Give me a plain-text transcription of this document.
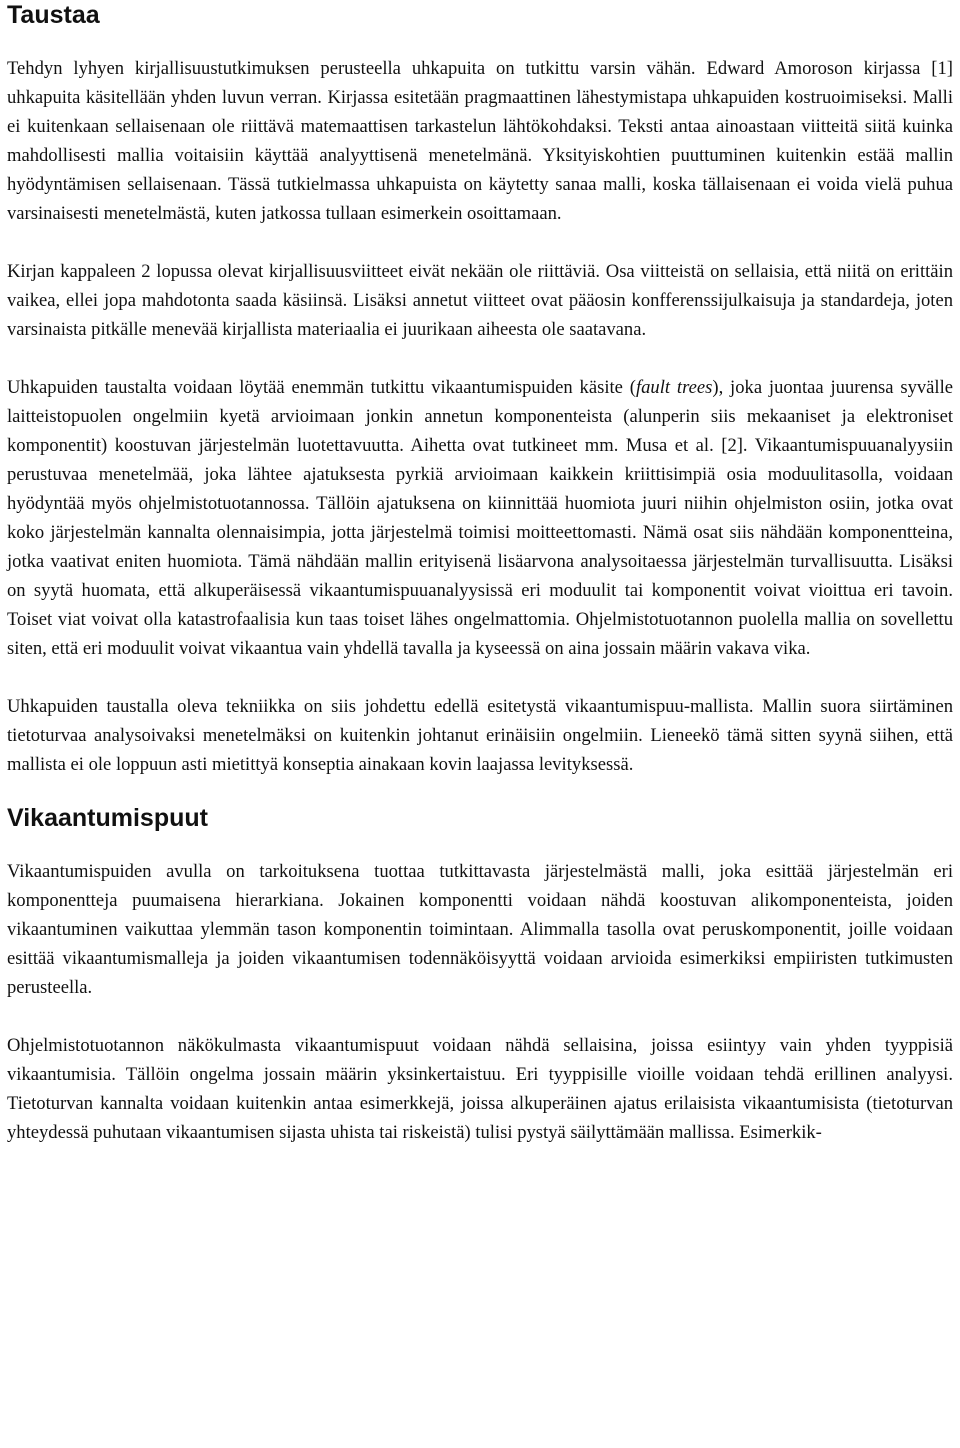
Taustaa

Tehdyn lyhyen kirjallisuustutkimuksen perusteella uhkapuita on tutkittu varsin vähän. Edward Amoroson kirjassa [1] uhkapuita käsitellään yhden luvun verran. Kirjassa esitetään pragmaattinen lähestymistapa uhkapuiden kostruoimiseksi. Malli ei kuitenkaan sellaisenaan ole riittävä matemaattisen tarkastelun lähtökohdaksi. Teksti antaa ainoastaan viitteitä siitä kuinka mahdollisesti mallia voitaisiin käyttää analyyttisenä menetelmänä. Yksityiskohtien puuttuminen kuitenkin estää mallin hyödyntämisen sellaisenaan. Tässä tutkielmassa uhkapuista on käytetty sanaa malli, koska tällaisenaan ei voida vielä puhua varsinaisesti menetelmästä, kuten jatkossa tullaan esimerkein osoittamaan.

Kirjan kappaleen 2 lopussa olevat kirjallisuusviitteet eivät nekään ole riittäviä. Osa viitteistä on sellaisia, että niitä on erittäin vaikea, ellei jopa mahdotonta saada käsiinsä. Lisäksi annetut viitteet ovat pääosin konfferenssijulkaisuja ja standardeja, joten varsinaista pitkälle menevää kirjallista materiaalia ei juurikaan aiheesta ole saatavana.

Uhkapuiden taustalta voidaan löytää enemmän tutkittu vikaantumispuiden käsite (fault trees), joka juontaa juurensa syvälle laitteistopuolen ongelmiin kyetä arvioimaan jonkin annetun komponenteista (alunperin siis mekaaniset ja elektroniset komponentit) koostuvan järjestelmän luotettavuutta. Aihetta ovat tutkineet mm. Musa et al. [2]. Vikaantumispuuanalyysiin perustuvaa menetelmää, joka lähtee ajatuksesta pyrkiä arvioimaan kaikkein kriittisimpiä osia moduulitasolla, voidaan hyödyntää myös ohjelmistotuotannossa. Tällöin ajatuksena on kiinnittää huomiota juuri niihin ohjelmiston osiin, jotka ovat koko järjestelmän kannalta olennaisimpia, jotta järjestelmä toimisi moitteettomasti. Nämä osat siis nähdään komponentteina, jotka vaativat eniten huomiota. Tämä nähdään mallin erityisenä lisäarvona analysoitaessa järjestelmän turvallisuutta. Lisäksi on syytä huomata, että alkuperäisessä vikaantumispuuanalyysissä eri moduulit tai komponentit voivat vioittua eri tavoin. Toiset viat voivat olla katastrofaalisia kun taas toiset lähes ongelmattomia. Ohjelmistotuotannon puolella mallia on sovellettu siten, että eri moduulit voivat vikaantua vain yhdellä tavalla ja kyseessä on aina jossain määrin vakava vika.

Uhkapuiden taustalla oleva tekniikka on siis johdettu edellä esitetystä vikaantumispuu-mallista. Mallin suora siirtäminen tietoturvaa analysoivaksi menetelmäksi on kuitenkin johtanut erinäisiin ongelmiin. Lieneekö tämä sitten syynä siihen, että mallista ei ole loppuun asti mietittyä konseptia ainakaan kovin laajassa levityksessä.

Vikaantumispuut

Vikaantumispuiden avulla on tarkoituksena tuottaa tutkittavasta järjestelmästä malli, joka esittää järjestelmän eri komponentteja puumaisena hierarkiana. Jokainen komponentti voidaan nähdä koostuvan alikomponenteista, joiden vikaantuminen vaikuttaa ylemmän tason komponentin toimintaan. Alimmalla tasolla ovat peruskomponentit, joille voidaan esittää vikaantumismalleja ja joiden vikaantumisen todennäköisyyttä voidaan arvioida esimerkiksi empiiristen tutkimusten perusteella.

Ohjelmistotuotannon näkökulmasta vikaantumispuut voidaan nähdä sellaisina, joissa esiintyy vain yhden tyyppisiä vikaantumisia. Tällöin ongelma jossain määrin yksinkertaistuu. Eri tyyppisille vioille voidaan tehdä erillinen analyysi. Tietoturvan kannalta voidaan kuitenkin antaa esimerkkejä, joissa alkuperäinen ajatus erilaisista vikaantumisista (tietoturvan yhteydessä puhutaan vikaantumisen sijasta uhista tai riskeistä) tulisi pystyä säilyttämään mallissa. Esimerkik-
